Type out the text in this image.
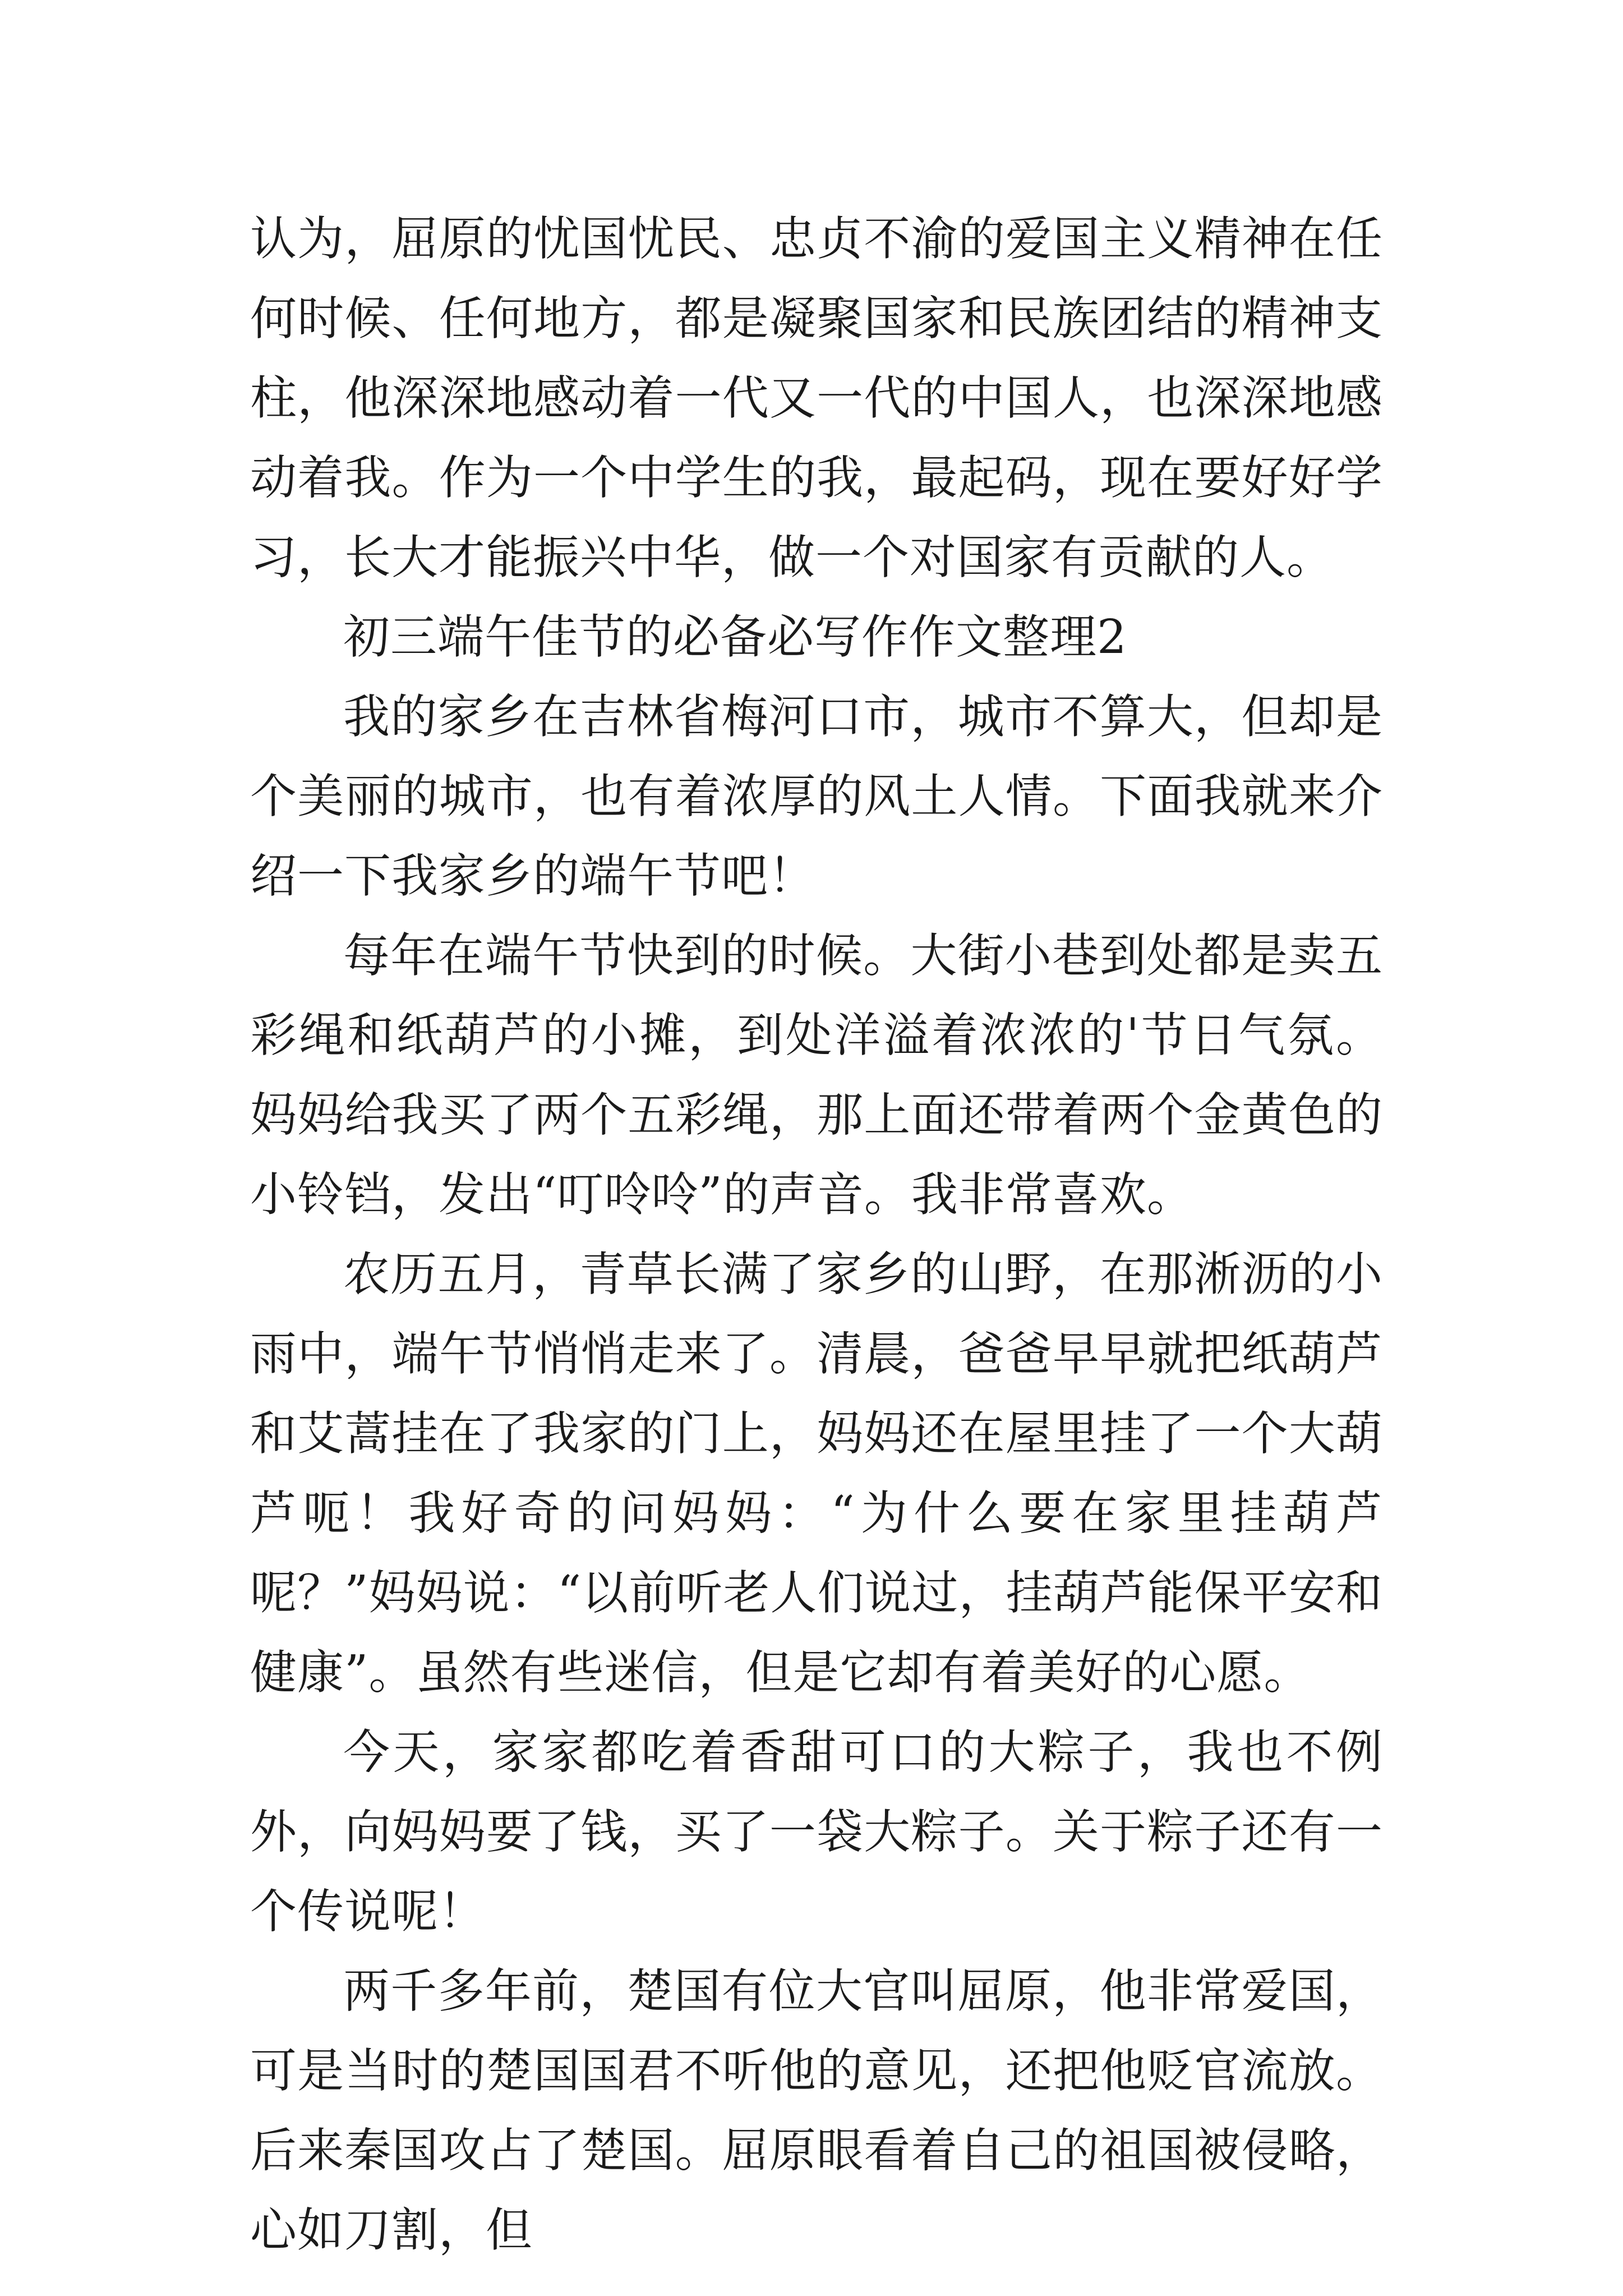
认为，屈原的忧国忧民、忠贞不渝的爱国主义精神在任何时候、任何地方，都是凝聚国家和民族团结的精神支柱，他深深地感动着一代又一代的中国人，也深深地感动着我。作为一个中学生的我，最起码，现在要好好学习，长大才能振兴中华，做一个对国家有贡献的人。

初三端午佳节的必备必写作作文整理2

我的家乡在吉林省梅河口市，城市不算大，但却是个美丽的城市，也有着浓厚的风土人情。下面我就来介绍一下我家乡的端午节吧！

每年在端午节快到的时候。大街小巷到处都是卖五彩绳和纸葫芦的小摊，到处洋溢着浓浓的'节日气氛。妈妈给我买了两个五彩绳，那上面还带着两个金黄色的小铃铛，发出“叮呤呤”的声音。我非常喜欢。

农历五月，青草长满了家乡的山野，在那淅沥的小雨中，端午节悄悄走来了。清晨，爸爸早早就把纸葫芦和艾蒿挂在了我家的门上，妈妈还在屋里挂了一个大葫芦呃！我好奇的问妈妈：“为什么要在家里挂葫芦呢？”妈妈说：“以前听老人们说过，挂葫芦能保平安和健康”。虽然有些迷信，但是它却有着美好的心愿。

今天，家家都吃着香甜可口的大粽子，我也不例外，向妈妈要了钱，买了一袋大粽子。关于粽子还有一个传说呢！

两千多年前，楚国有位大官叫屈原，他非常爱国，可是当时的楚国国君不听他的意见，还把他贬官流放。后来秦国攻占了楚国。屈原眼看着自己的祖国被侵略，心如刀割，但
